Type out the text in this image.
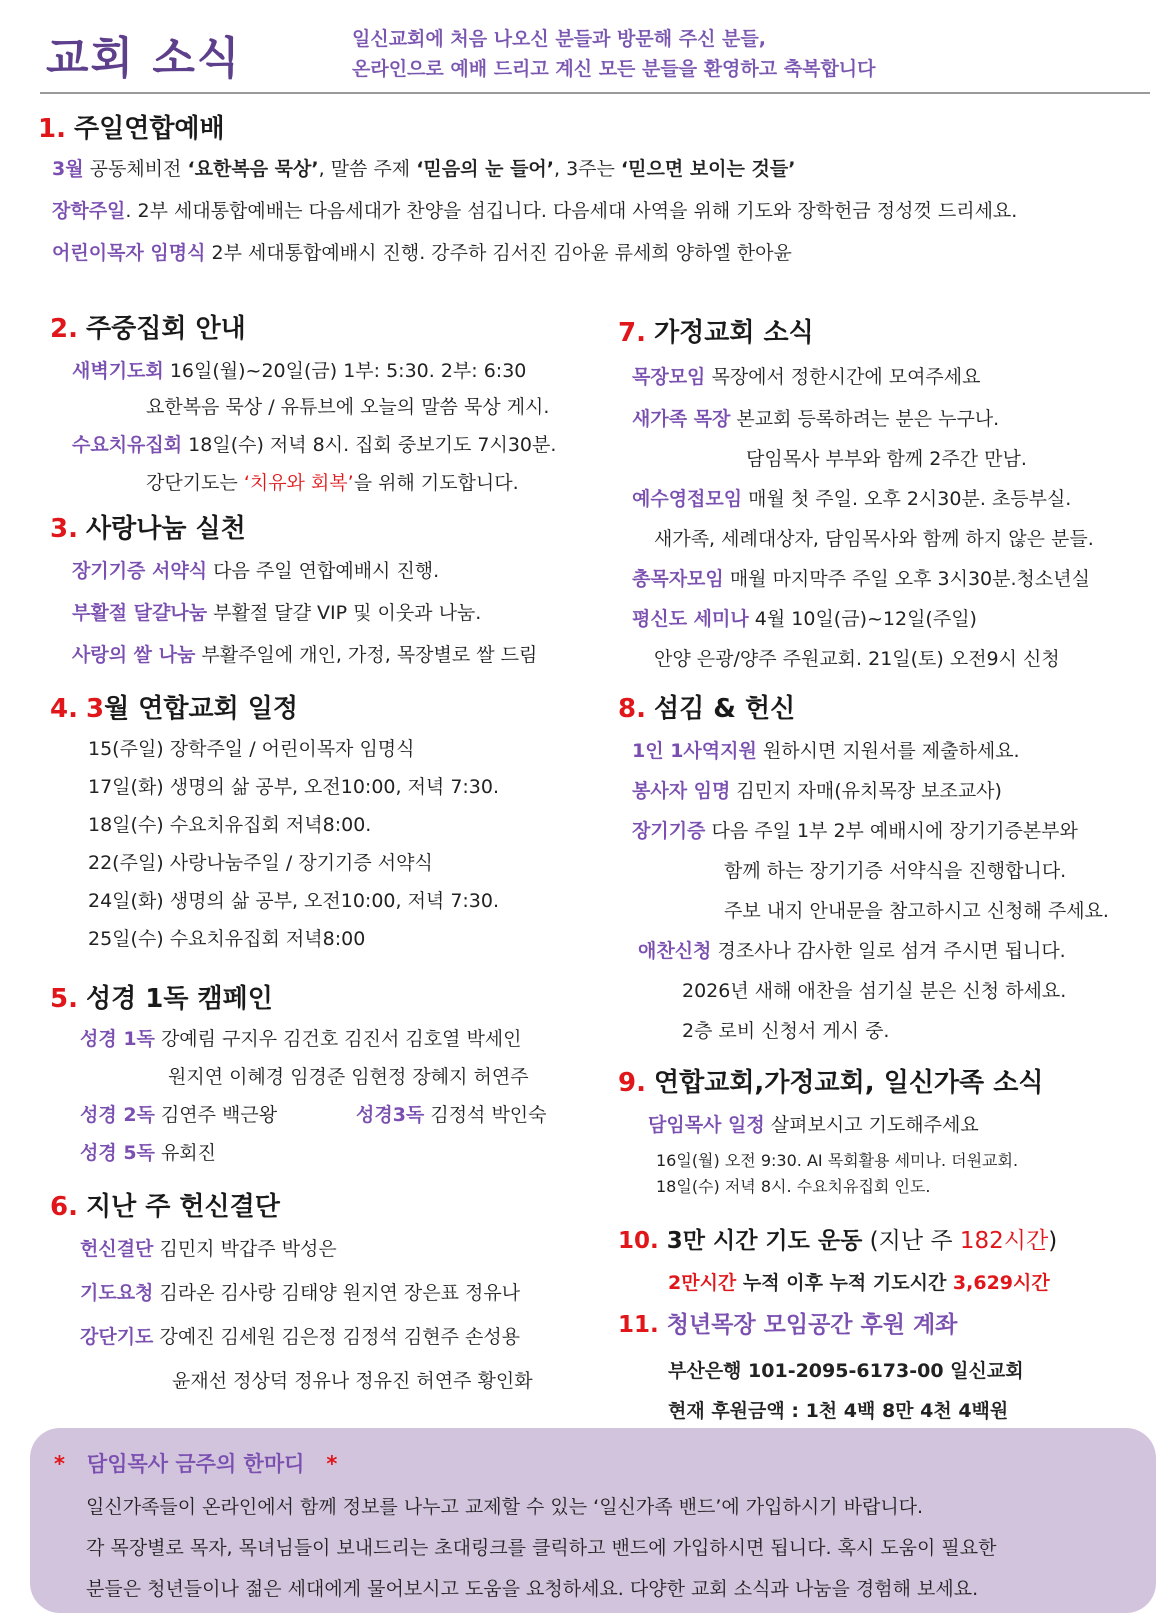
교회 소식	일신교회에 처음 나오신 분들과 방문해 주신 분들,
온라인으로 예배 드리고 계신 모든 분들을 환영하고 축복합니다
1. 주일연합예배
3월 공동체비전 ‘요한복음 묵상’, 말씀 주제 ‘믿음의 눈 들어’, 3주는 ‘믿으면 보이는 것들’
장학주일. 2부 세대통합예배는 다음세대가 찬양을 섬깁니다. 다음세대 사역을 위해 기도와 장학헌금 정성껏 드리세요.
어린이목자 임명식 2부 세대통합예배시 진행. 강주하 김서진 김아윤 류세희 양하엘 한아윤
2. 주중집회 안내
새벽기도회 16일(월)~20일(금) 1부: 5:30. 2부: 6:30
요한복음 묵상 / 유튜브에 오늘의 말씀 묵상 게시.
수요치유집회 18일(수) 저녁 8시. 집회 중보기도 7시30분.
강단기도는 ‘치유와 회복’을 위해 기도합니다.
3. 사랑나눔 실천
장기기증 서약식 다음 주일 연합예배시 진행.
부활절 달걀나눔 부활절 달걀 VIP 및 이웃과 나눔.
사랑의 쌀 나눔 부활주일에 개인, 가정, 목장별로 쌀 드림
4. 3월 연합교회 일정
15(주일) 장학주일 / 어린이목자 임명식
17일(화) 생명의 삶 공부, 오전10:00, 저녁 7:30.
18일(수) 수요치유집회 저녁8:00.
22(주일) 사랑나눔주일 / 장기기증 서약식
24일(화) 생명의 삶 공부, 오전10:00, 저녁 7:30.
25일(수) 수요치유집회 저녁8:00
5. 성경 1독 캠페인
성경 1독 강예림 구지우 김건호 김진서 김호열 박세인
원지연 이혜경 임경준 임현정 장혜지 허연주
성경 2독 김연주 백근왕	성경3독 김정석 박인숙
성경 5독 유회진
6. 지난 주 헌신결단
헌신결단 김민지 박갑주 박성은
기도요청 김라온 김사랑 김태양 원지연 장은표 정유나
강단기도 강예진 김세원 김은정 김정석 김현주 손성용
윤재선 정상덕 정유나 정유진 허연주 황인화
7. 가정교회 소식
목장모임 목장에서 정한시간에 모여주세요
새가족 목장 본교회 등록하려는 분은 누구나.
담임목사 부부와 함께 2주간 만남.
예수영접모임 매월 첫 주일. 오후 2시30분. 초등부실.
새가족, 세례대상자, 담임목사와 함께 하지 않은 분들.
총목자모임 매월 마지막주 주일 오후 3시30분.청소년실
평신도 세미나 4월 10일(금)~12일(주일)
안양 은광/양주 주원교회. 21일(토) 오전9시 신청
8. 섬김 & 헌신
1인 1사역지원 원하시면 지원서를 제출하세요.
봉사자 임명 김민지 자매(유치목장 보조교사)
장기기증 다음 주일 1부 2부 예배시에 장기기증본부와
함께 하는 장기기증 서약식을 진행합니다.
주보 내지 안내문을 참고하시고 신청해 주세요.
애찬신청 경조사나 감사한 일로 섬겨 주시면 됩니다.
2026년 새해 애찬을 섬기실 분은 신청 하세요.
2층 로비 신청서 게시 중.
9. 연합교회,가정교회, 일신가족 소식
담임목사 일정 살펴보시고 기도해주세요
16일(월) 오전 9:30. AI 목회활용 세미나. 더원교회.
18일(수) 저녁 8시. 수요치유집회 인도.
10. 3만 시간 기도 운동 (지난 주 182시간)
2만시간 누적 이후 누적 기도시간 3,629시간
11. 청년목장 모임공간 후원 계좌
부산은행 101-2095-6173-00 일신교회
현재 후원금액 : 1천 4백 8만 4천 4백원
* 담임목사 금주의 한마디 *
일신가족들이 온라인에서 함께 정보를 나누고 교제할 수 있는 ‘일신가족 밴드’에 가입하시기 바랍니다.
각 목장별로 목자, 목녀님들이 보내드리는 초대링크를 클릭하고 밴드에 가입하시면 됩니다. 혹시 도움이 필요한
분들은 청년들이나 젊은 세대에게 물어보시고 도움을 요청하세요. 다양한 교회 소식과 나눔을 경험해 보세요.
